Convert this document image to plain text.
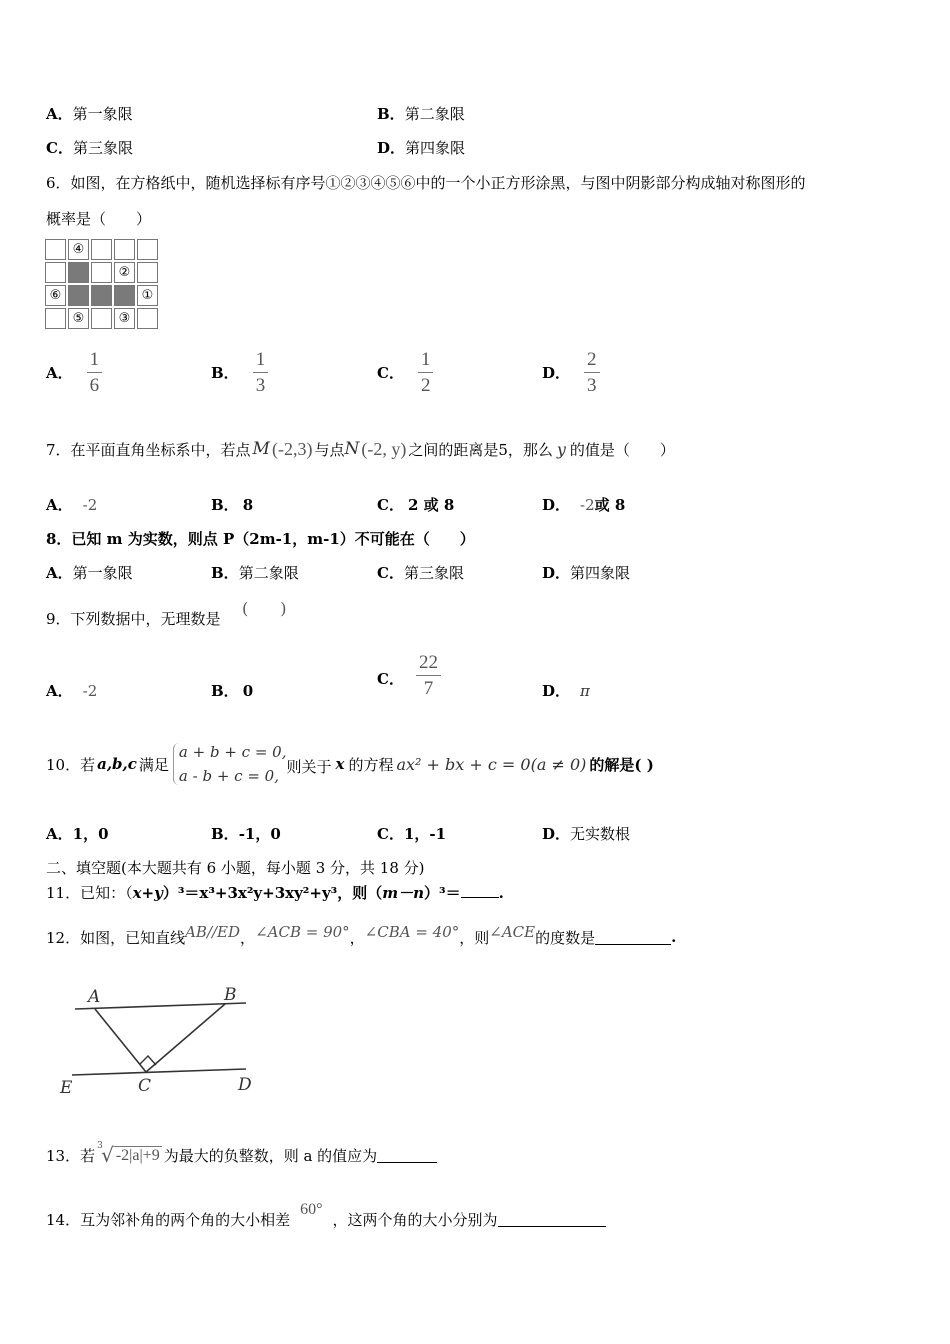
A．第一象限	B．第二象限
C．第三象限	D．第四象限
6．如图，在方格纸中，随机选择标有序号①②③④⑤⑥中的一个小正方形涂黑，与图中阴影部分构成轴对称图形的
概率是（　　）
④
②
⑥	①
⑤	③
A． $\frac{1}{6}$	B． $\frac{1}{3}$	C． $\frac{1}{2}$	D． $\frac{2}{3}$
7．在平面直角坐标系中，若点 M (-2,3) 与点 N (-2, y) 之间的距离是5，那么 y 的值是（　　）
A． -2	B． 8	C． 2 或 8	D． -2或 8
8．已知 m 为实数，则点 P（2m-1，m-1）不可能在（　　）
A．第一象限	B．第二象限	C．第三象限	D．第四象限
9．下列数据中，无理数是
(　　)
A． -2	B． 0
C． $\frac{22}{7}$	D． π
10．若 a,b,c 满足
a + b + c = 0,
a - b + c = 0,
则关于 x 的方程 ax² + bx + c = 0(a ≠ 0) 的解是( )
A．1，0	B．-1，0	C．1，-1	D．无实数根
二、填空题(本大题共有 6 小题，每小题 3 分，共 18 分)
11．已知：（x+y）³＝x³+3x²y+3xy²+y³，则（m－n）³＝	.
12．如图，已知直线 AB//ED ， ∠ACB = 90° ， ∠CBA = 40° ，则 ∠ACE 的度数是	.
A	B
E	C	D
13．若
3
√ -2|a|+9 为最大的负整数，则 a 的值应为
14．互为邻补角的两个角的大小相差
60°
，这两个角的大小分别为
